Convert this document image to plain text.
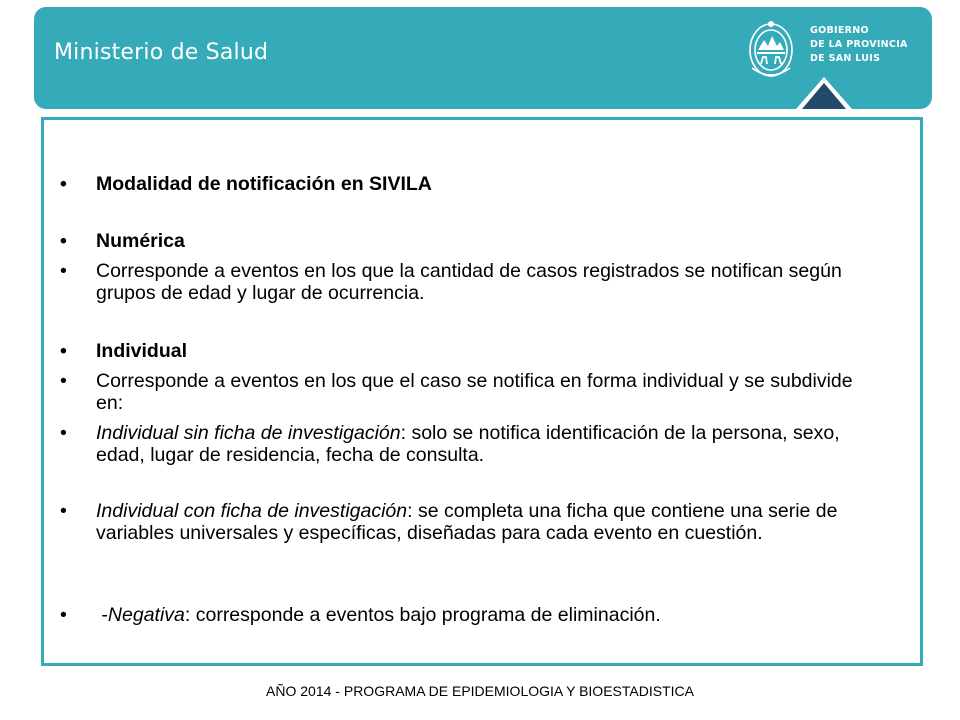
Ministerio de Salud
GOBIERNO
DE LA PROVINCIA
DE SAN LUIS
• Modalidad de notificación en SIVILA
• Numérica
• Corresponde a eventos en los que la cantidad de casos registrados se notifican según grupos de edad y lugar de ocurrencia.
• Individual
• Corresponde a eventos en los que el caso se notifica en forma individual y se subdivide en:
• Individual sin ficha de investigación: solo se notifica identificación de la persona, sexo, edad, lugar de residencia, fecha de consulta.
• Individual con ficha de investigación: se completa una ficha que contiene una serie de variables universales y específicas, diseñadas para cada evento en cuestión.
• -Negativa: corresponde a eventos bajo programa de eliminación.
AÑO 2014 - PROGRAMA DE EPIDEMIOLOGIA Y BIOESTADISTICA
